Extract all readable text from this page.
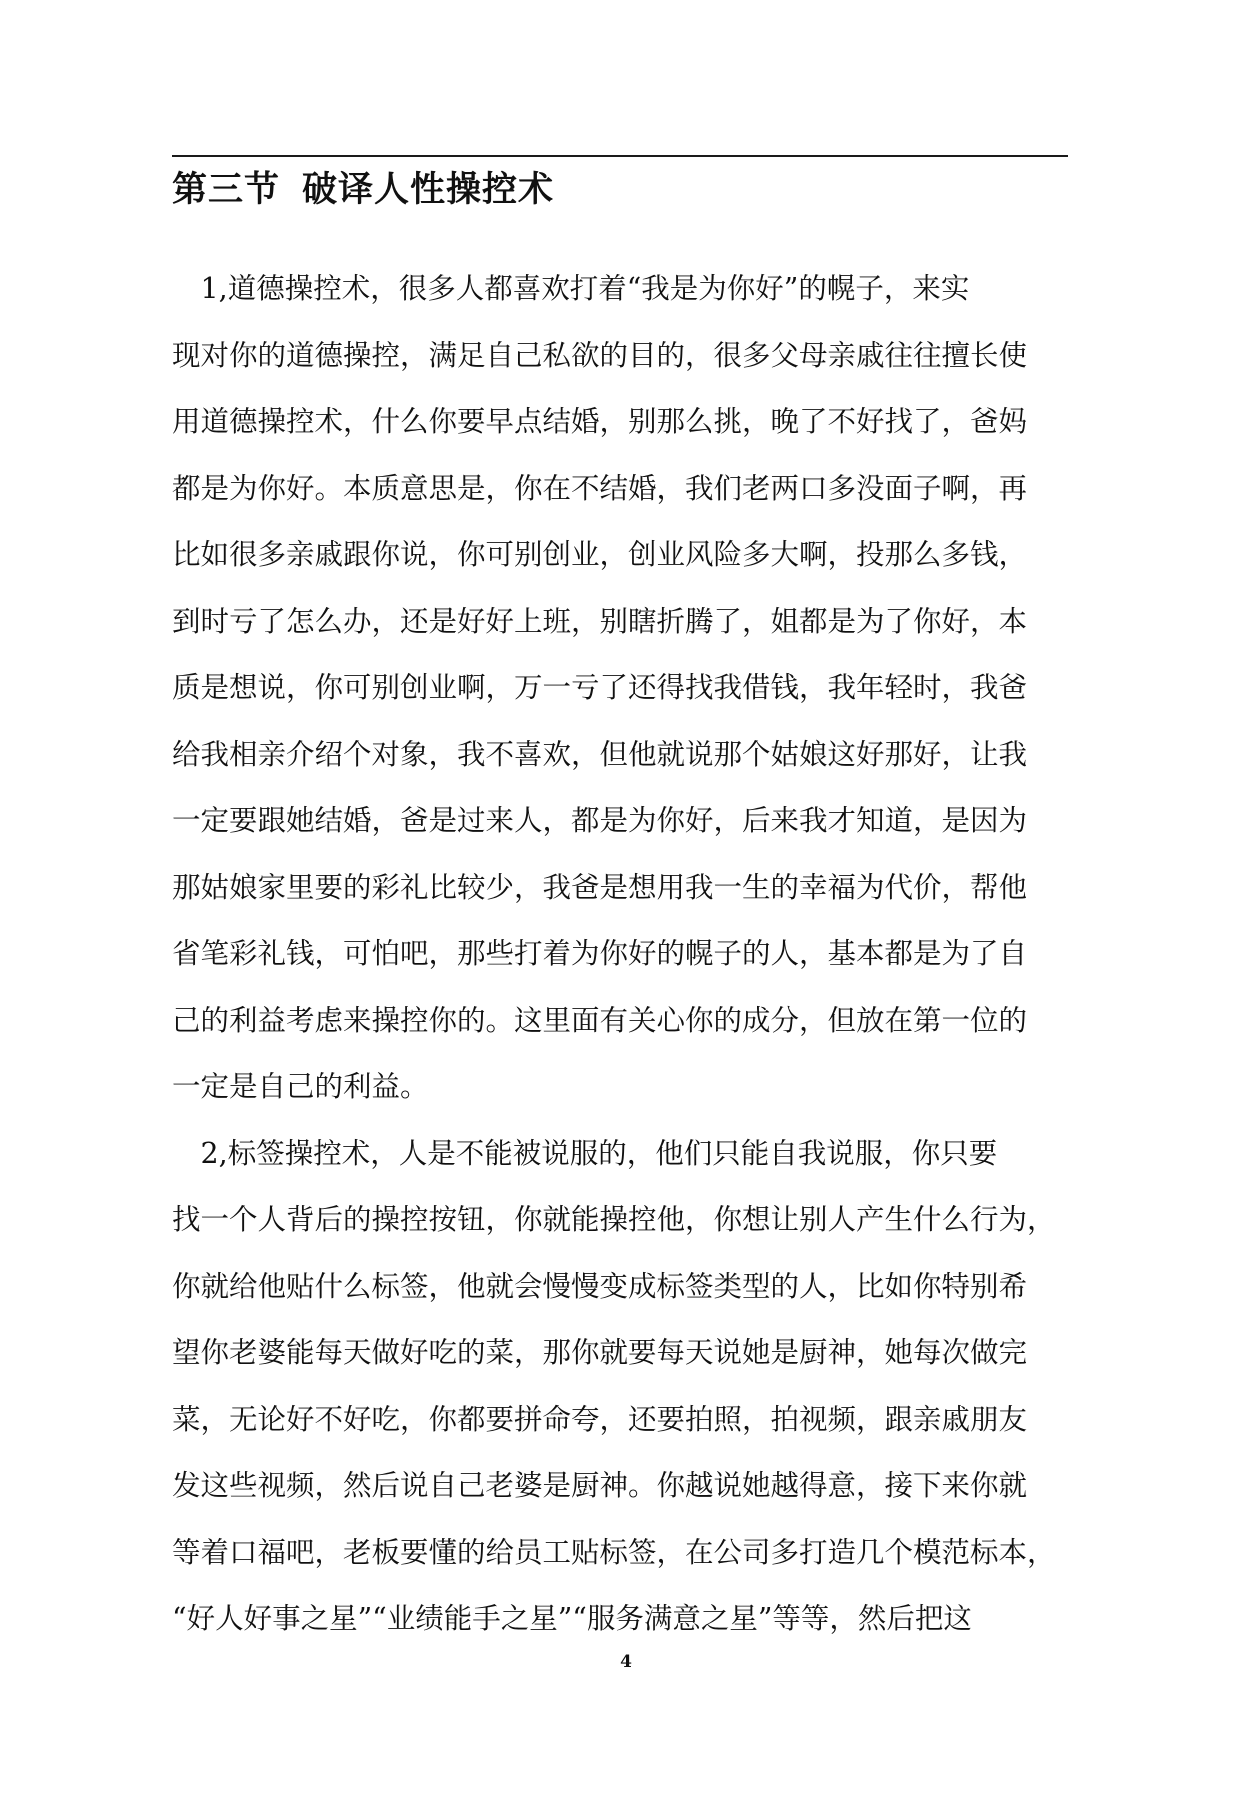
第三节 破译人性操控术
　1,道德操控术，很多人都喜欢打着“我是为你好”的幌子，来实
现对你的道德操控，满足自己私欲的目的，很多父母亲戚往往擅长使
用道德操控术，什么你要早点结婚，别那么挑，晚了不好找了，爸妈
都是为你好。本质意思是，你在不结婚，我们老两口多没面子啊，再
比如很多亲戚跟你说，你可别创业，创业风险多大啊，投那么多钱，
到时亏了怎么办，还是好好上班，别瞎折腾了，姐都是为了你好，本
质是想说，你可别创业啊，万一亏了还得找我借钱，我年轻时，我爸
给我相亲介绍个对象，我不喜欢，但他就说那个姑娘这好那好，让我
一定要跟她结婚，爸是过来人，都是为你好，后来我才知道，是因为
那姑娘家里要的彩礼比较少，我爸是想用我一生的幸福为代价，帮他
省笔彩礼钱，可怕吧，那些打着为你好的幌子的人，基本都是为了自
己的利益考虑来操控你的。这里面有关心你的成分，但放在第一位的
一定是自己的利益。
　2,标签操控术，人是不能被说服的，他们只能自我说服，你只要
找一个人背后的操控按钮，你就能操控他，你想让别人产生什么行为，
你就给他贴什么标签，他就会慢慢变成标签类型的人，比如你特别希
望你老婆能每天做好吃的菜，那你就要每天说她是厨神，她每次做完
菜，无论好不好吃，你都要拼命夸，还要拍照，拍视频，跟亲戚朋友
发这些视频，然后说自己老婆是厨神。你越说她越得意，接下来你就
等着口福吧，老板要懂的给员工贴标签，在公司多打造几个模范标本，
“好人好事之星”“业绩能手之星”“服务满意之星”等等，然后把这
4
